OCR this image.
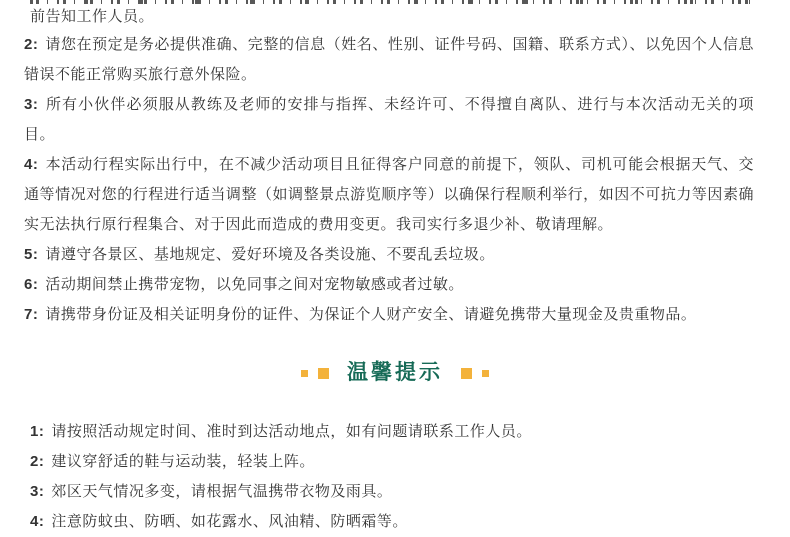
前告知工作人员。

2: 请您在预定是务必提供准确、完整的信息（姓名、性别、证件号码、国籍、联系方式）、以免因个人信息错误不能正常购买旅行意外保险。

3: 所有小伙伴必须服从教练及老师的安排与指挥、未经许可、不得擅自离队、进行与本次活动无关的项目。

4: 本活动行程实际出行中，在不减少活动项目且征得客户同意的前提下，领队、司机可能会根据天气、交通等情况对您的行程进行适当调整（如调整景点游览顺序等）以确保行程顺利举行，如因不可抗力等因素确实无法执行原行程集合、对于因此而造成的费用变更。我司实行多退少补、敬请理解。

5: 请遵守各景区、基地规定、爱好环境及各类设施、不要乱丢垃圾。

6: 活动期间禁止携带宠物，以免同事之间对宠物敏感或者过敏。

7: 请携带身份证及相关证明身份的证件、为保证个人财产安全、请避免携带大量现金及贵重物品。

温馨提示

1: 请按照活动规定时间、准时到达活动地点，如有问题请联系工作人员。

2: 建议穿舒适的鞋与运动装，轻装上阵。

3: 郊区天气情况多变，请根据气温携带衣物及雨具。

4: 注意防蚊虫、防晒、如花露水、风油精、防晒霜等。
